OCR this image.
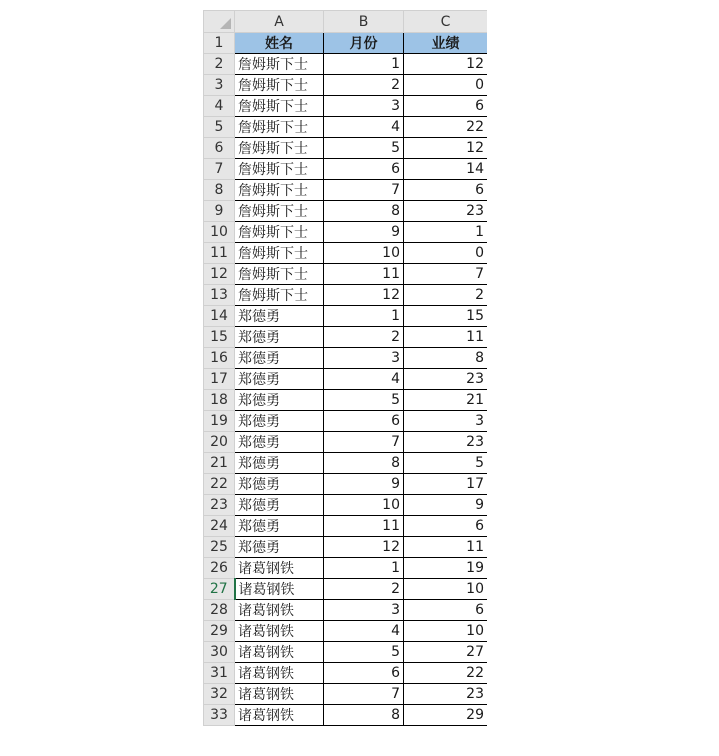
	A	B	C
1	姓名	月份	业绩
2	詹姆斯下士	1	12
3	詹姆斯下士	2	0
4	詹姆斯下士	3	6
5	詹姆斯下士	4	22
6	詹姆斯下士	5	12
7	詹姆斯下士	6	14
8	詹姆斯下士	7	6
9	詹姆斯下士	8	23
10	詹姆斯下士	9	1
11	詹姆斯下士	10	0
12	詹姆斯下士	11	7
13	詹姆斯下士	12	2
14	郑德勇	1	15
15	郑德勇	2	11
16	郑德勇	3	8
17	郑德勇	4	23
18	郑德勇	5	21
19	郑德勇	6	3
20	郑德勇	7	23
21	郑德勇	8	5
22	郑德勇	9	17
23	郑德勇	10	9
24	郑德勇	11	6
25	郑德勇	12	11
26	诸葛钢铁	1	19
27	诸葛钢铁	2	10
28	诸葛钢铁	3	6
29	诸葛钢铁	4	10
30	诸葛钢铁	5	27
31	诸葛钢铁	6	22
32	诸葛钢铁	7	23
33	诸葛钢铁	8	29
